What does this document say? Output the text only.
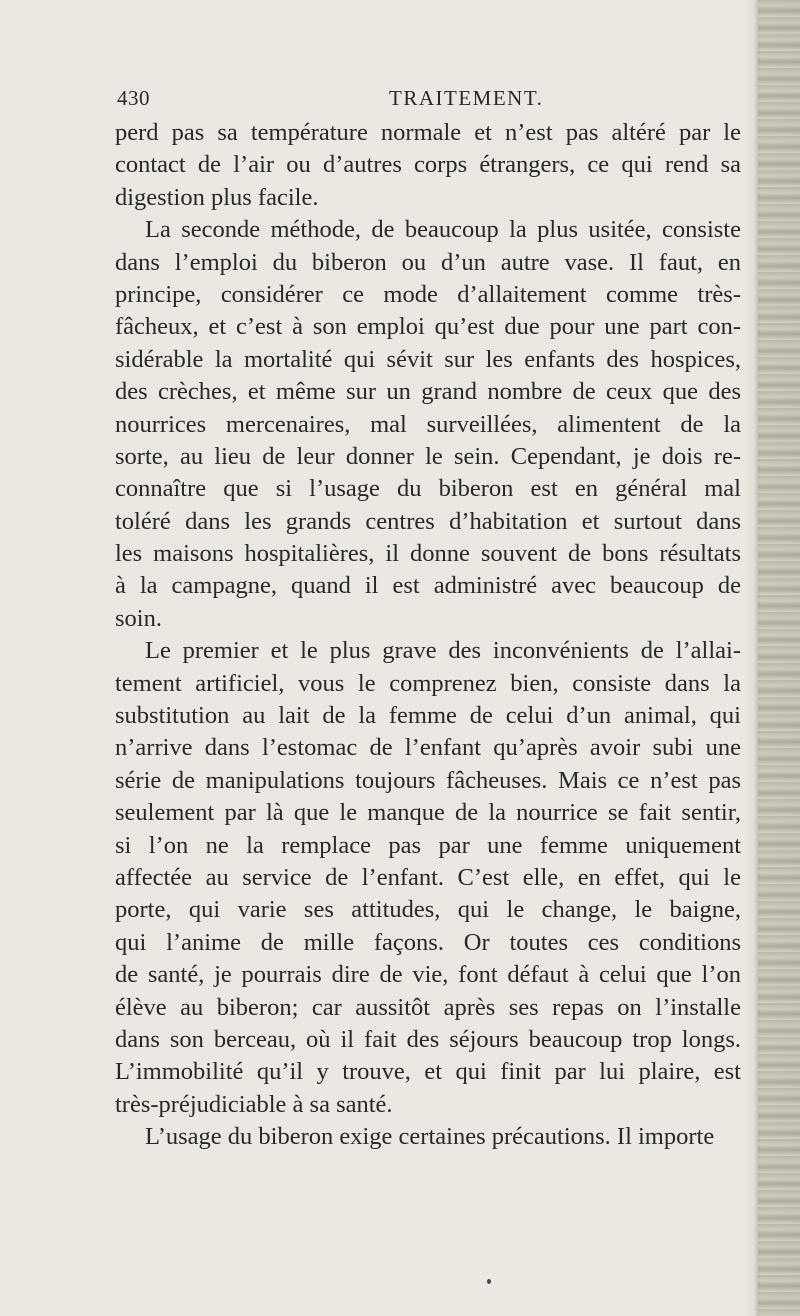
430	TRAITEMENT.
perd pas sa température normale et n’est pas altéré par le
contact de l’air ou d’autres corps étrangers, ce qui rend sa
digestion plus facile.
La seconde méthode, de beaucoup la plus usitée, consiste
dans l’emploi du biberon ou d’un autre vase. Il faut, en
principe, considérer ce mode d’allaitement comme très-
fâcheux, et c’est à son emploi qu’est due pour une part con-
sidérable la mortalité qui sévit sur les enfants des hospices,
des crèches, et même sur un grand nombre de ceux que des
nourrices mercenaires, mal surveillées, alimentent de la
sorte, au lieu de leur donner le sein. Cependant, je dois re-
connaître que si l’usage du biberon est en général mal
toléré dans les grands centres d’habitation et surtout dans
les maisons hospitalières, il donne souvent de bons résultats
à la campagne, quand il est administré avec beaucoup de
soin.
Le premier et le plus grave des inconvénients de l’allai-
tement artificiel, vous le comprenez bien, consiste dans la
substitution au lait de la femme de celui d’un animal, qui
n’arrive dans l’estomac de l’enfant qu’après avoir subi une
série de manipulations toujours fâcheuses. Mais ce n’est pas
seulement par là que le manque de la nourrice se fait sentir,
si l’on ne la remplace pas par une femme uniquement
affectée au service de l’enfant. C’est elle, en effet, qui le
porte, qui varie ses attitudes, qui le change, le baigne,
qui l’anime de mille façons. Or toutes ces conditions
de santé, je pourrais dire de vie, font défaut à celui que l’on
élève au biberon; car aussitôt après ses repas on l’installe
dans son berceau, où il fait des séjours beaucoup trop longs.
L’immobilité qu’il y trouve, et qui finit par lui plaire, est
très-préjudiciable à sa santé.
L’usage du biberon exige certaines précautions. Il importe
